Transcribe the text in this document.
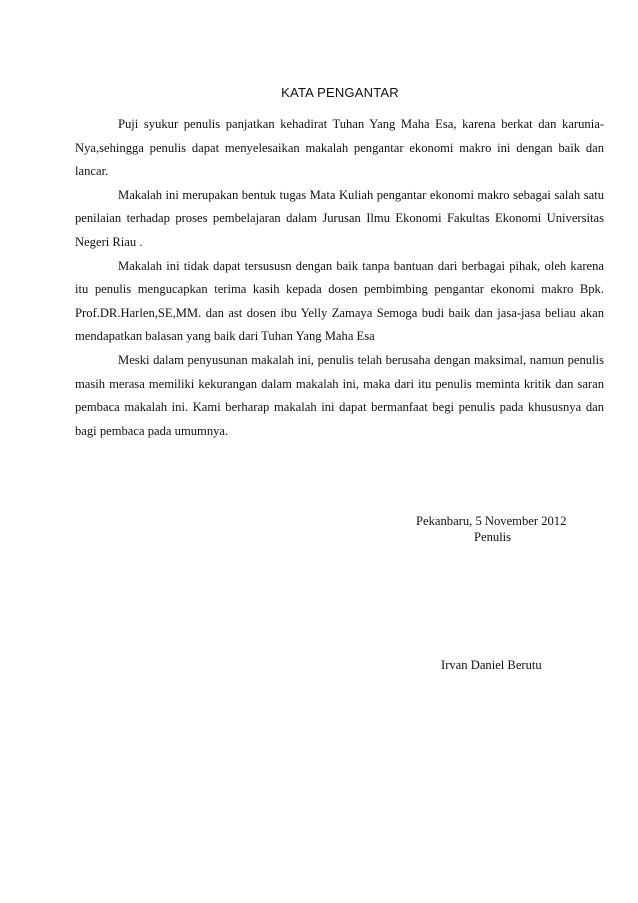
KATA PENGANTAR

Puji syukur penulis panjatkan kehadirat Tuhan Yang Maha Esa, karena berkat dan karunia-Nya,sehingga penulis dapat menyelesaikan makalah pengantar ekonomi makro ini dengan baik dan lancar.

Makalah ini merupakan bentuk tugas Mata Kuliah pengantar ekonomi makro sebagai salah satu penilaian terhadap proses pembelajaran dalam Jurusan Ilmu Ekonomi Fakultas Ekonomi Universitas Negeri Riau .

Makalah ini tidak dapat tersususn dengan baik tanpa bantuan dari berbagai pihak, oleh karena itu penulis mengucapkan terima kasih kepada dosen pembimbing pengantar ekonomi makro Bpk. Prof.DR.Harlen,SE,MM. dan ast dosen ibu Yelly Zamaya Semoga budi baik dan jasa-jasa beliau akan mendapatkan balasan yang baik dari Tuhan Yang Maha Esa

Meski dalam penyusunan makalah ini, penulis telah berusaha dengan maksimal, namun penulis masih merasa memiliki kekurangan dalam makalah ini, maka dari itu penulis meminta kritik dan saran pembaca makalah ini. Kami berharap makalah ini dapat bermanfaat begi penulis pada khususnya dan bagi pembaca pada umumnya.

Pekanbaru, 5 November 2012
Penulis
Irvan Daniel Berutu
